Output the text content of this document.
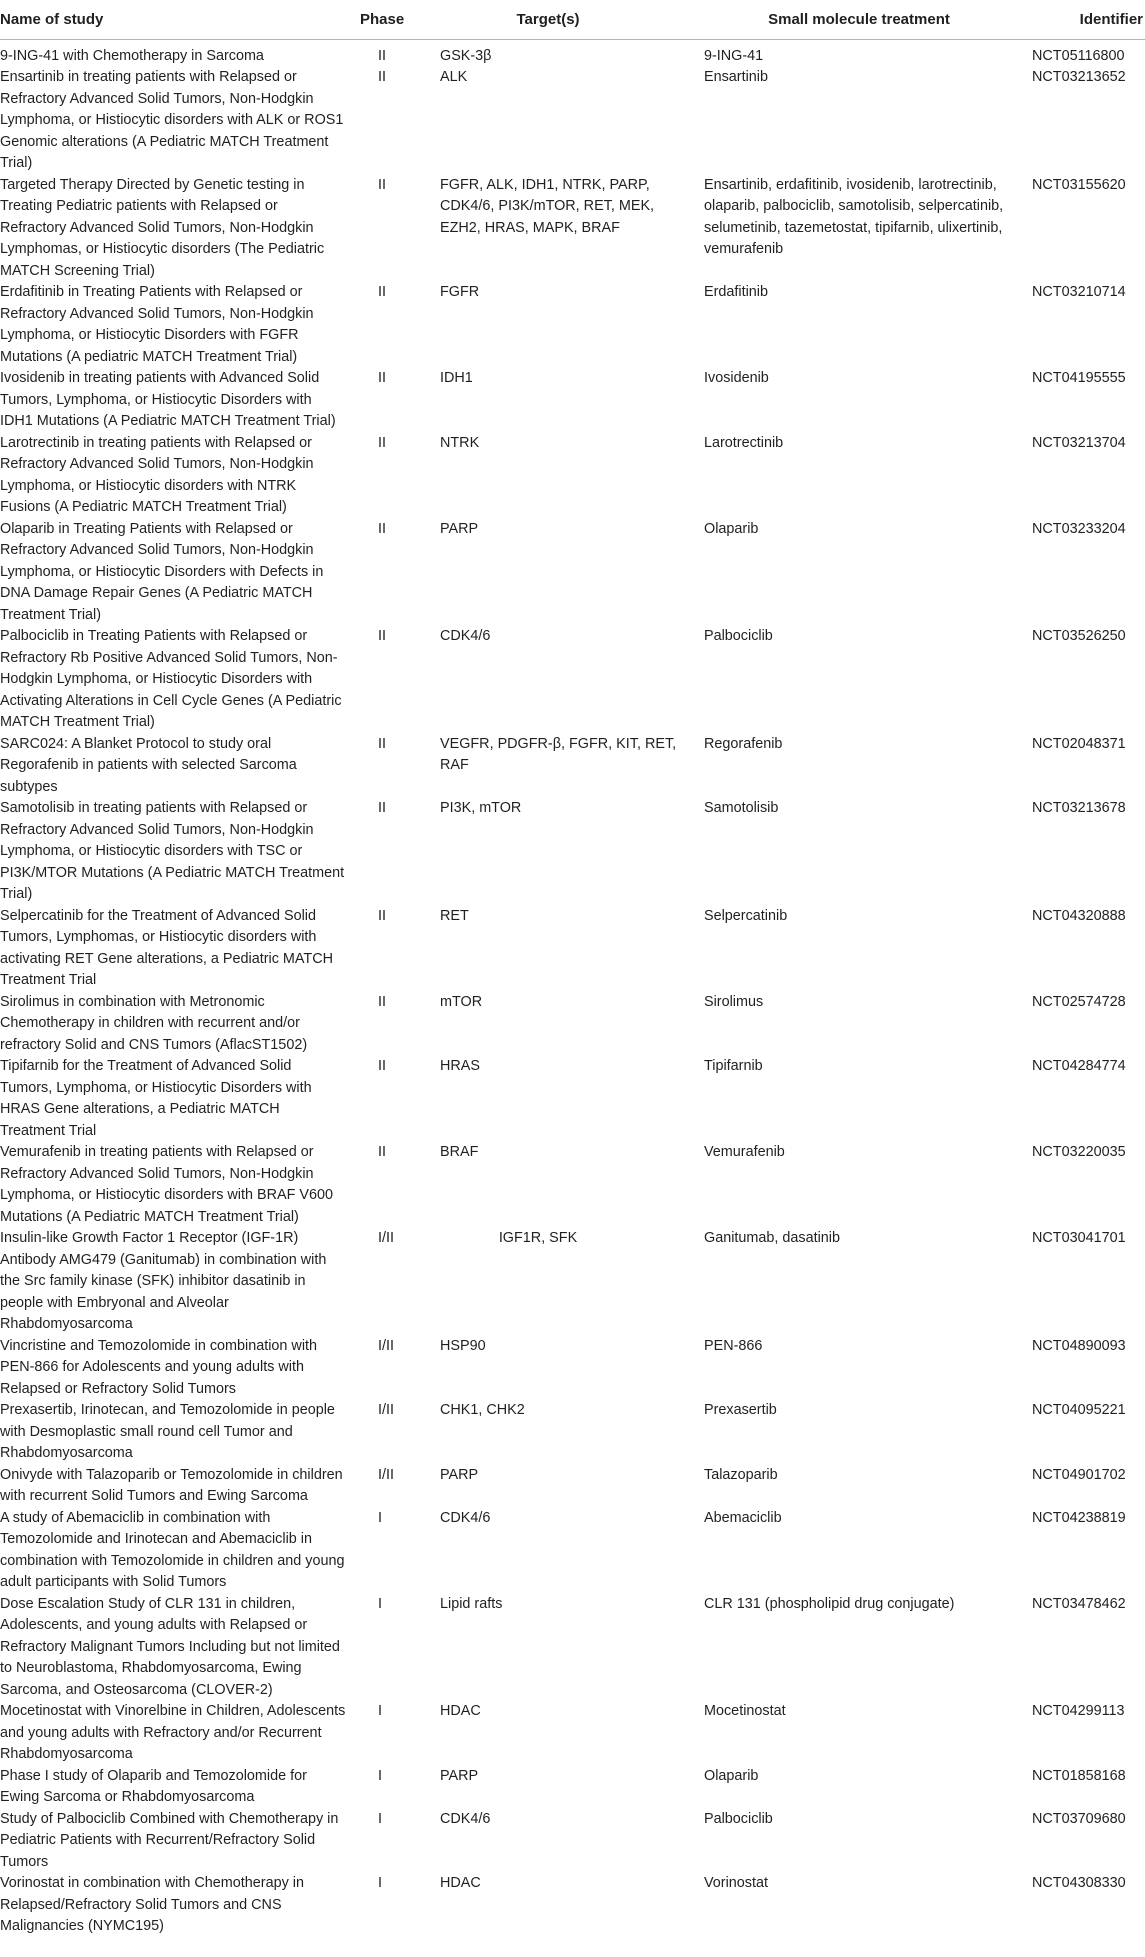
Name of study	Phase	Target(s)	Small molecule treatment	Identifier
9-ING-41 with Chemotherapy in Sarcoma	II	GSK-3β	9-ING-41	NCT05116800
Ensartinib in treating patients with Relapsed or Refractory Advanced Solid Tumors, Non-Hodgkin Lymphoma, or Histiocytic disorders with ALK or ROS1 Genomic alterations (A Pediatric MATCH Treatment Trial)	II	ALK	Ensartinib	NCT03213652
Targeted Therapy Directed by Genetic testing in Treating Pediatric patients with Relapsed or Refractory Advanced Solid Tumors, Non-Hodgkin Lymphomas, or Histiocytic disorders (The Pediatric MATCH Screening Trial)	II	FGFR, ALK, IDH1, NTRK, PARP, CDK4/6, PI3K/mTOR, RET, MEK, EZH2, HRAS, MAPK, BRAF	Ensartinib, erdafitinib, ivosidenib, larotrectinib, olaparib, palbociclib, samotolisib, selpercatinib, selumetinib, tazemetostat, tipifarnib, ulixertinib, vemurafenib	NCT03155620
Erdafitinib in Treating Patients with Relapsed or Refractory Advanced Solid Tumors, Non-Hodgkin Lymphoma, or Histiocytic Disorders with FGFR Mutations (A pediatric MATCH Treatment Trial)	II	FGFR	Erdafitinib	NCT03210714
Ivosidenib in treating patients with Advanced Solid Tumors, Lymphoma, or Histiocytic Disorders with IDH1 Mutations (A Pediatric MATCH Treatment Trial)	II	IDH1	Ivosidenib	NCT04195555
Larotrectinib in treating patients with Relapsed or Refractory Advanced Solid Tumors, Non-Hodgkin Lymphoma, or Histiocytic disorders with NTRK Fusions (A Pediatric MATCH Treatment Trial)	II	NTRK	Larotrectinib	NCT03213704
Olaparib in Treating Patients with Relapsed or Refractory Advanced Solid Tumors, Non-Hodgkin Lymphoma, or Histiocytic Disorders with Defects in DNA Damage Repair Genes (A Pediatric MATCH Treatment Trial)	II	PARP	Olaparib	NCT03233204
Palbociclib in Treating Patients with Relapsed or Refractory Rb Positive Advanced Solid Tumors, Non-Hodgkin Lymphoma, or Histiocytic Disorders with Activating Alterations in Cell Cycle Genes (A Pediatric MATCH Treatment Trial)	II	CDK4/6	Palbociclib	NCT03526250
SARC024: A Blanket Protocol to study oral Regorafenib in patients with selected Sarcoma subtypes	II	VEGFR, PDGFR-β, FGFR, KIT, RET, RAF	Regorafenib	NCT02048371
Samotolisib in treating patients with Relapsed or Refractory Advanced Solid Tumors, Non-Hodgkin Lymphoma, or Histiocytic disorders with TSC or PI3K/MTOR Mutations (A Pediatric MATCH Treatment Trial)	II	PI3K, mTOR	Samotolisib	NCT03213678
Selpercatinib for the Treatment of Advanced Solid Tumors, Lymphomas, or Histiocytic disorders with activating RET Gene alterations, a Pediatric MATCH Treatment Trial	II	RET	Selpercatinib	NCT04320888
Sirolimus in combination with Metronomic Chemotherapy in children with recurrent and/or refractory Solid and CNS Tumors (AflacST1502)	II	mTOR	Sirolimus	NCT02574728
Tipifarnib for the Treatment of Advanced Solid Tumors, Lymphoma, or Histiocytic Disorders with HRAS Gene alterations, a Pediatric MATCH Treatment Trial	II	HRAS	Tipifarnib	NCT04284774
Vemurafenib in treating patients with Relapsed or Refractory Advanced Solid Tumors, Non-Hodgkin Lymphoma, or Histiocytic disorders with BRAF V600 Mutations (A Pediatric MATCH Treatment Trial)	II	BRAF	Vemurafenib	NCT03220035
Insulin-like Growth Factor 1 Receptor (IGF-1R) Antibody AMG479 (Ganitumab) in combination with the Src family kinase (SFK) inhibitor dasatinib in people with Embryonal and Alveolar Rhabdomyosarcoma	I/II	IGF1R, SFK	Ganitumab, dasatinib	NCT03041701
Vincristine and Temozolomide in combination with PEN-866 for Adolescents and young adults with Relapsed or Refractory Solid Tumors	I/II	HSP90	PEN-866	NCT04890093
Prexasertib, Irinotecan, and Temozolomide in people with Desmoplastic small round cell Tumor and Rhabdomyosarcoma	I/II	CHK1, CHK2	Prexasertib	NCT04095221
Onivyde with Talazoparib or Temozolomide in children with recurrent Solid Tumors and Ewing Sarcoma	I/II	PARP	Talazoparib	NCT04901702
A study of Abemaciclib in combination with Temozolomide and Irinotecan and Abemaciclib in combination with Temozolomide in children and young adult participants with Solid Tumors	I	CDK4/6	Abemaciclib	NCT04238819
Dose Escalation Study of CLR 131 in children, Adolescents, and young adults with Relapsed or Refractory Malignant Tumors Including but not limited to Neuroblastoma, Rhabdomyosarcoma, Ewing Sarcoma, and Osteosarcoma (CLOVER-2)	I	Lipid rafts	CLR 131 (phospholipid drug conjugate)	NCT03478462
Mocetinostat with Vinorelbine in Children, Adolescents and young adults with Refractory and/or Recurrent Rhabdomyosarcoma	I	HDAC	Mocetinostat	NCT04299113
Phase I study of Olaparib and Temozolomide for Ewing Sarcoma or Rhabdomyosarcoma	I	PARP	Olaparib	NCT01858168
Study of Palbociclib Combined with Chemotherapy in Pediatric Patients with Recurrent/Refractory Solid Tumors	I	CDK4/6	Palbociclib	NCT03709680
Vorinostat in combination with Chemotherapy in Relapsed/Refractory Solid Tumors and CNS Malignancies (NYMC195)	I	HDAC	Vorinostat	NCT04308330
